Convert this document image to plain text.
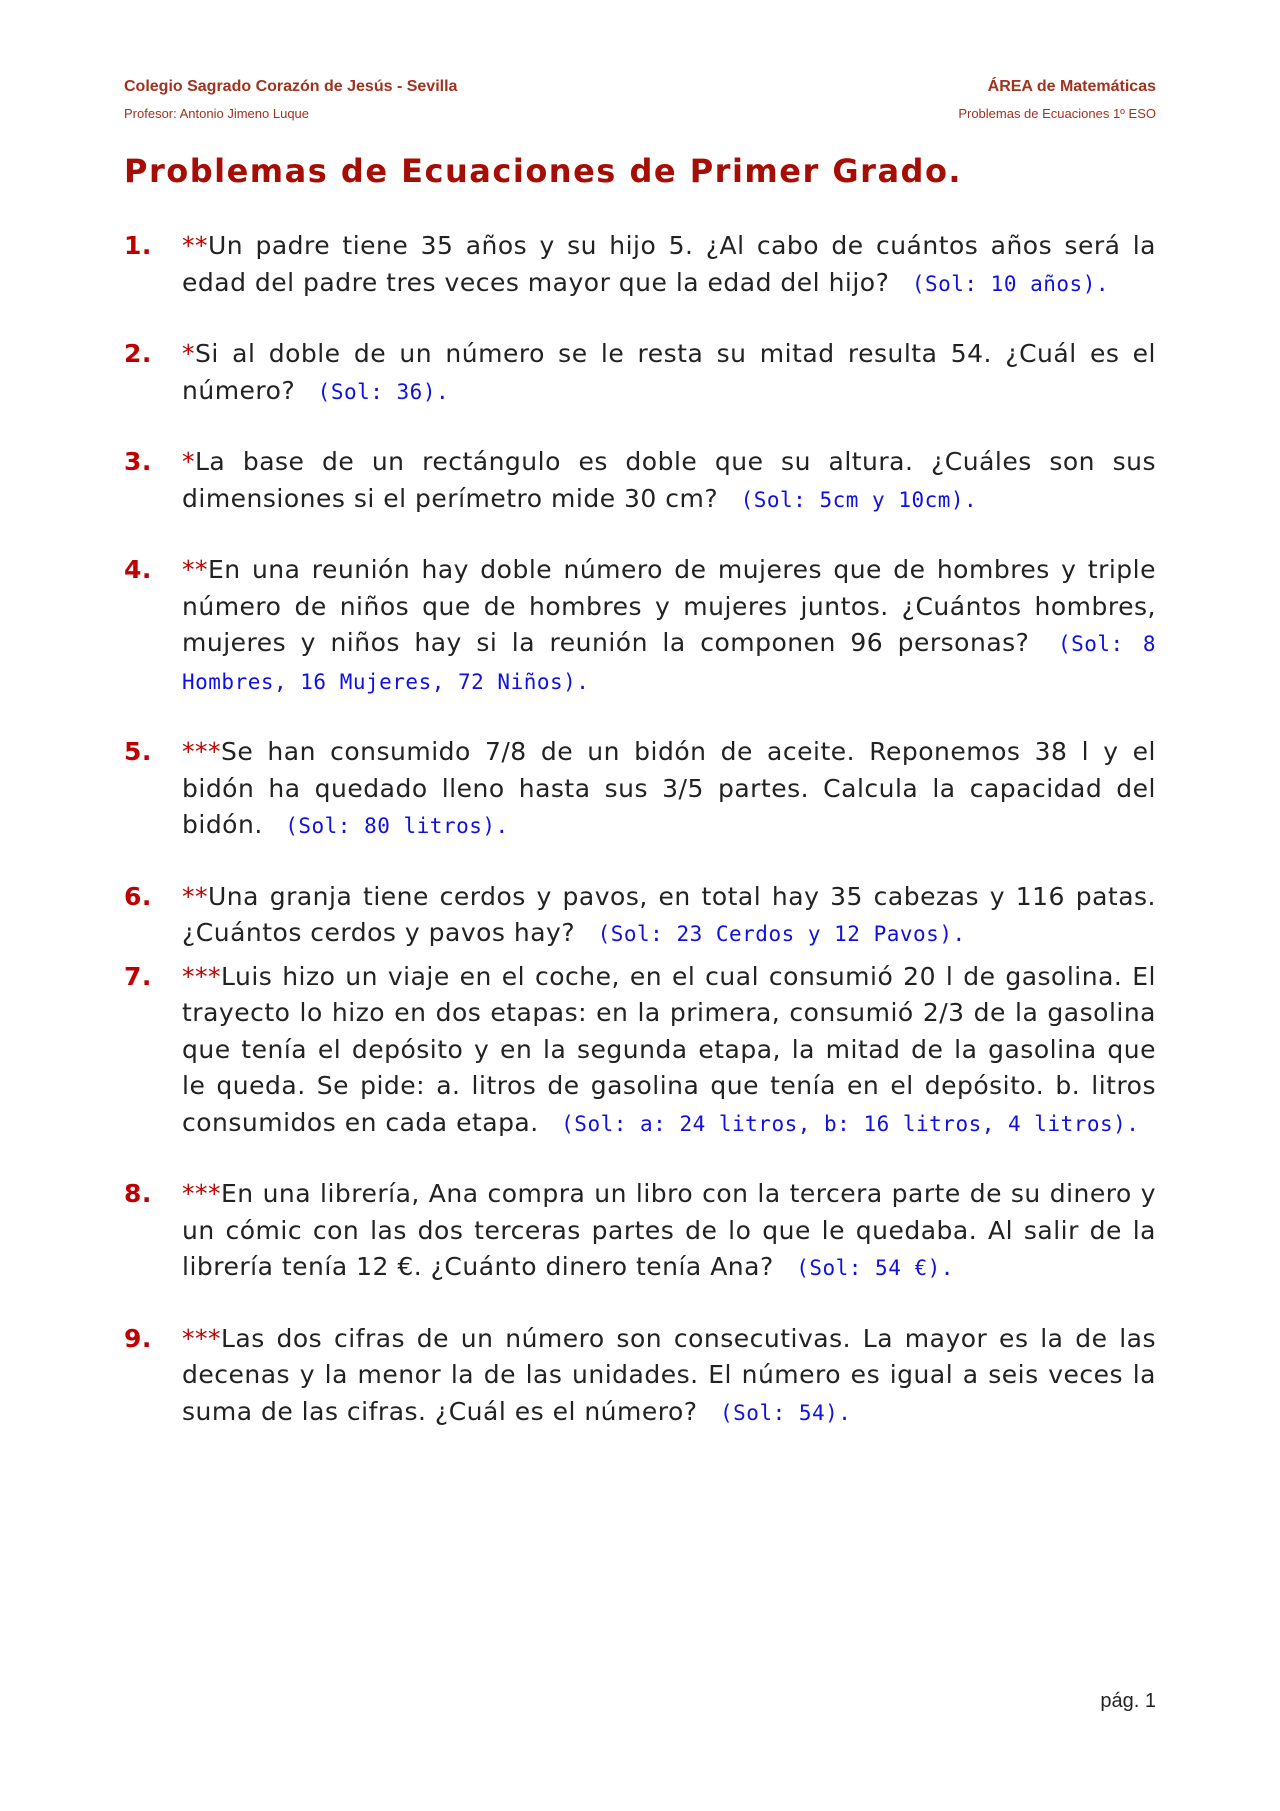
Colegio Sagrado Corazón de Jesús - Sevilla	ÁREA de Matemáticas
Profesor: Antonio Jimeno Luque	Problemas de Ecuaciones 1º ESO
Problemas de Ecuaciones de Primer Grado.
1. **Un padre tiene 35 años y su hijo 5. ¿Al cabo de cuántos años será la edad del padre tres veces mayor que la edad del hijo? (Sol: 10 años).
2. *Si al doble de un número se le resta su mitad resulta 54. ¿Cuál es el número? (Sol: 36).
3. *La base de un rectángulo es doble que su altura. ¿Cuáles son sus dimensiones si el perímetro mide 30 cm? (Sol: 5cm y 10cm).
4. **En una reunión hay doble número de mujeres que de hombres y triple número de niños que de hombres y mujeres juntos. ¿Cuántos hombres, mujeres y niños hay si la reunión la componen 96 personas? (Sol: 8 Hombres, 16 Mujeres, 72 Niños).
5. ***Se han consumido 7/8 de un bidón de aceite. Reponemos 38 l y el bidón ha quedado lleno hasta sus 3/5 partes. Calcula la capacidad del bidón. (Sol: 80 litros).
6. **Una granja tiene cerdos y pavos, en total hay 35 cabezas y 116 patas. ¿Cuántos cerdos y pavos hay? (Sol: 23 Cerdos y 12 Pavos).
7. ***Luis hizo un viaje en el coche, en el cual consumió 20 l de gasolina. El trayecto lo hizo en dos etapas: en la primera, consumió 2/3 de la gasolina que tenía el depósito y en la segunda etapa, la mitad de la gasolina que le queda. Se pide: a. litros de gasolina que tenía en el depósito. b. litros consumidos en cada etapa. (Sol: a: 24 litros, b: 16 litros, 4 litros).
8. ***En una librería, Ana compra un libro con la tercera parte de su dinero y un cómic con las dos terceras partes de lo que le quedaba. Al salir de la librería tenía 12 €. ¿Cuánto dinero tenía Ana? (Sol: 54 €).
9. ***Las dos cifras de un número son consecutivas. La mayor es la de las decenas y la menor la de las unidades. El número es igual a seis veces la suma de las cifras. ¿Cuál es el número? (Sol: 54).
pág. 1
